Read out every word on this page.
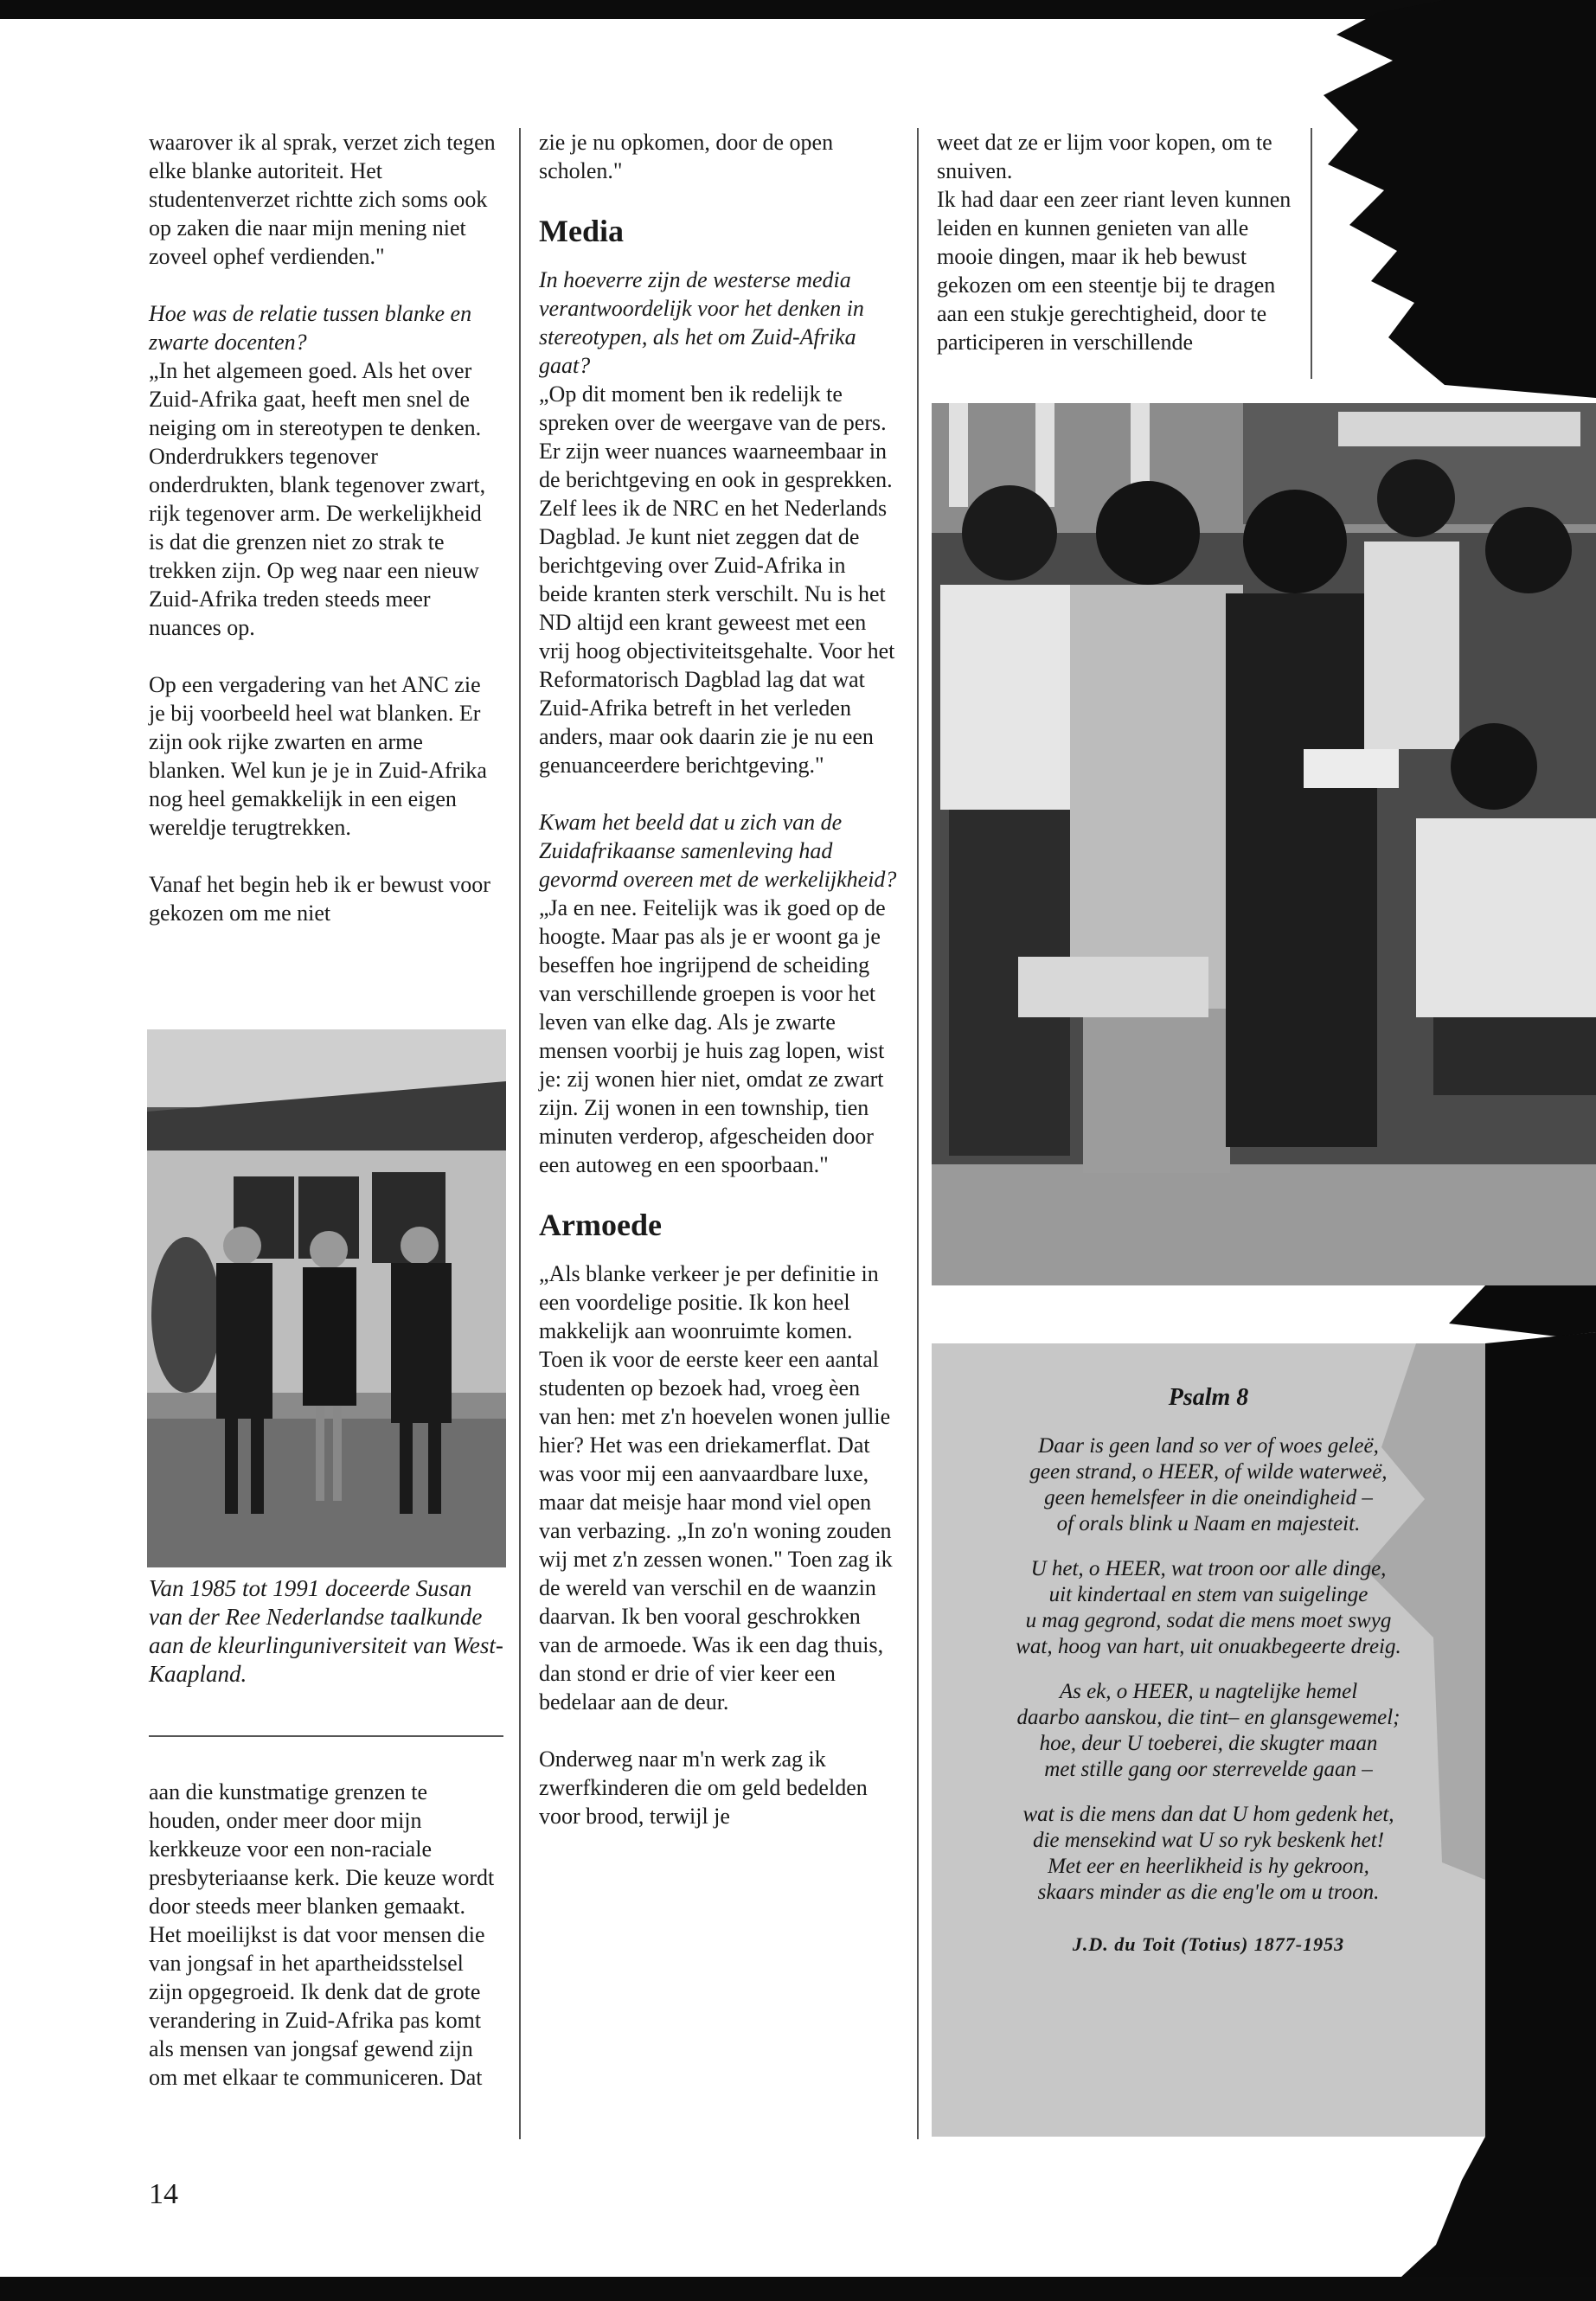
waarover ik al sprak, verzet zich tegen elke blanke autoriteit. Het studentenverzet richtte zich soms ook op zaken die naar mijn mening niet zoveel ophef verdienden."

Hoe was de relatie tussen blanke en zwarte docenten?

„In het algemeen goed. Als het over Zuid-Afrika gaat, heeft men snel de neiging om in stereotypen te denken. Onderdrukkers tegenover onderdrukten, blank tegenover zwart, rijk tegenover arm. De werkelijkheid is dat die grenzen niet zo strak te trekken zijn. Op weg naar een nieuw Zuid-Afrika treden steeds meer nuances op.

Op een vergadering van het ANC zie je bij voorbeeld heel wat blanken. Er zijn ook rijke zwarten en arme blanken. Wel kun je je in Zuid-Afrika nog heel gemakkelijk in een eigen wereldje terugtrekken.

Vanaf het begin heb ik er bewust voor gekozen om me niet

Van 1985 tot 1991 doceerde Susan van der Ree Nederlandse taalkunde aan de kleurlinguniversiteit van West-Kaapland.

aan die kunstmatige grenzen te houden, onder meer door mijn kerkkeuze voor een non-raciale presbyteriaanse kerk. Die keuze wordt door steeds meer blanken gemaakt. Het moeilijkst is dat voor mensen die van jongsaf in het apartheidsstelsel zijn opgegroeid. Ik denk dat de grote verandering in Zuid-Afrika pas komt als mensen van jongsaf gewend zijn om met elkaar te communiceren. Dat

zie je nu opkomen, door de open scholen."

Media

In hoeverre zijn de westerse media verantwoordelijk voor het denken in stereotypen, als het om Zuid-Afrika gaat?

„Op dit moment ben ik redelijk te spreken over de weergave van de pers. Er zijn weer nuances waarneembaar in de berichtgeving en ook in gesprekken. Zelf lees ik de NRC en het Nederlands Dagblad. Je kunt niet zeggen dat de berichtgeving over Zuid-Afrika in beide kranten sterk verschilt. Nu is het ND altijd een krant geweest met een vrij hoog objectiviteitsgehalte. Voor het Reformatorisch Dagblad lag dat wat Zuid-Afrika betreft in het verleden anders, maar ook daarin zie je nu een genuanceerdere berichtgeving."

Kwam het beeld dat u zich van de Zuidafrikaanse samenleving had gevormd overeen met de werkelijkheid?

„Ja en nee. Feitelijk was ik goed op de hoogte. Maar pas als je er woont ga je beseffen hoe ingrijpend de scheiding van verschillende groepen is voor het leven van elke dag. Als je zwarte mensen voorbij je huis zag lopen, wist je: zij wonen hier niet, omdat ze zwart zijn. Zij wonen in een township, tien minuten verderop, afgescheiden door een autoweg en een spoorbaan."

Armoede

„Als blanke verkeer je per definitie in een voordelige positie. Ik kon heel makkelijk aan woonruimte komen. Toen ik voor de eerste keer een aantal studenten op bezoek had, vroeg èen van hen: met z'n hoevelen wonen jullie hier? Het was een driekamerflat. Dat was voor mij een aanvaardbare luxe, maar dat meisje haar mond viel open van verbazing. „In zo'n woning zouden wij met z'n zessen wonen." Toen zag ik de wereld van verschil en de waanzin daarvan. Ik ben vooral geschrokken van de armoede. Was ik een dag thuis, dan stond er drie of vier keer een bedelaar aan de deur.

Onderweg naar m'n werk zag ik zwerfkinderen die om geld bedelden voor brood, terwijl je

weet dat ze er lijm voor kopen, om te snuiven.

Ik had daar een zeer riant leven kunnen leiden en kunnen genieten van alle mooie dingen, maar ik heb bewust gekozen om een steentje bij te dragen aan een stukje gerechtigheid, door te participeren in verschillende

Psalm 8
Daar is geen land so ver of woes geleë,
geen strand, o HEER, of wilde waterweë,
geen hemelsfeer in die oneindigheid –
of orals blink u Naam en majesteit.
U het, o HEER, wat troon oor alle dinge,
uit kindertaal en stem van suigelinge
u mag gegrond, sodat die mens moet swyg
wat, hoog van hart, uit onuakbegeerte dreig.
As ek, o HEER, u nagtelijke hemel
daarbo aanskou, die tint– en glansgewemel;
hoe, deur U toeberei, die skugter maan
met stille gang oor sterrevelde gaan –
wat is die mens dan dat U hom gedenk het,
die mensekind wat U so ryk beskenk het!
Met eer en heerlikheid is hy gekroon,
skaars minder as die eng'le om u troon.
J.D. du Toit (Totius) 1877-1953
14
